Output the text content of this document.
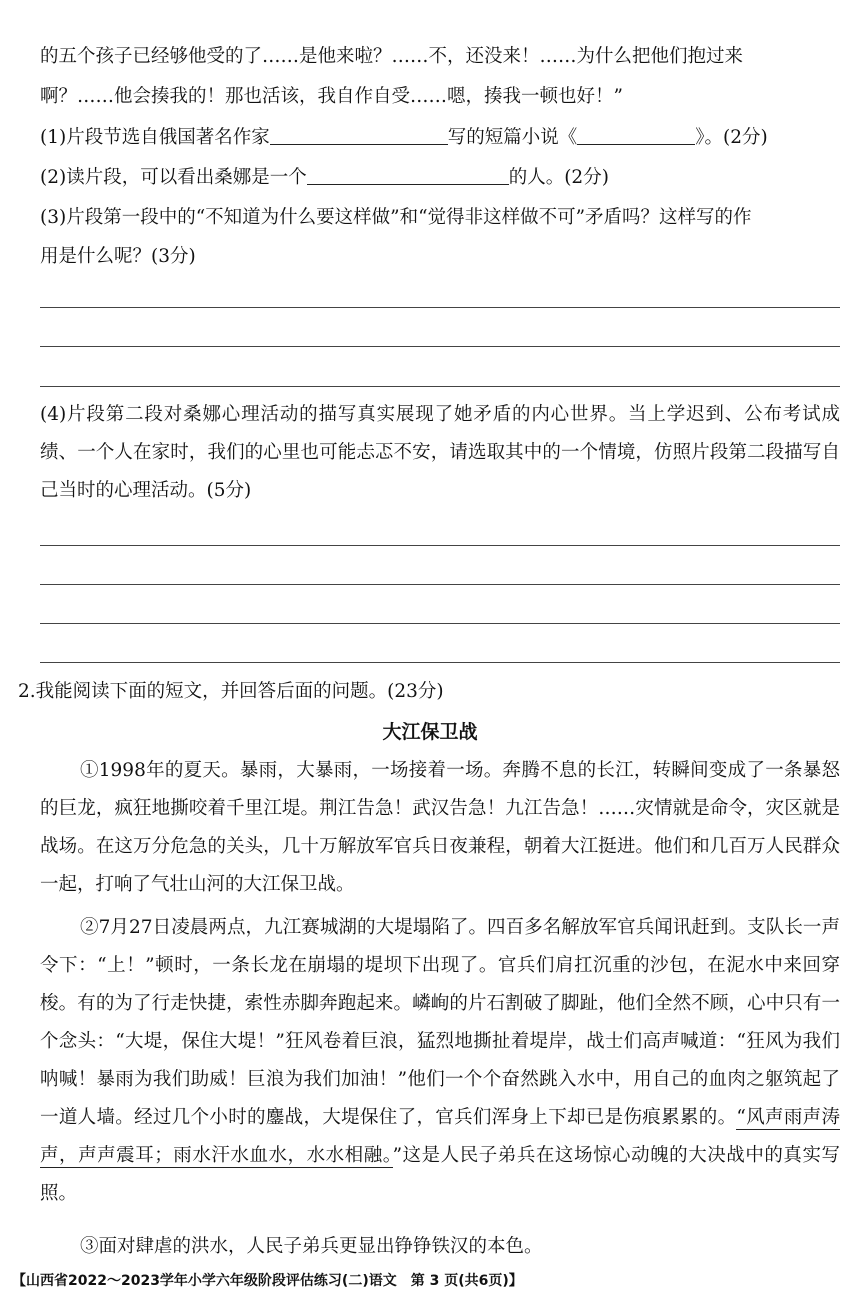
的五个孩子已经够他受的了……是他来啦？……不，还没来！……为什么把他们抱过来

啊？……他会揍我的！那也活该，我自作自受……嗯，揍我一顿也好！”

(1)片段节选自俄国著名作家	写的短篇小说《	》。(2分)

(2)读片段，可以看出桑娜是一个	的人。(2分)

(3)片段第一段中的“不知道为什么要这样做”和“觉得非这样做不可”矛盾吗？这样写的作

用是什么呢？(3分)

(4)片段第二段对桑娜心理活动的描写真实展现了她矛盾的内心世界。当上学迟到、公布考试成绩、一个人在家时，我们的心里也可能忐忑不安，请选取其中的一个情境，仿照片段第二段描写自己当时的心理活动。(5分)

2.我能阅读下面的短文，并回答后面的问题。(23分)

大江保卫战

①1998年的夏天。暴雨，大暴雨，一场接着一场。奔腾不息的长江，转瞬间变成了一条暴怒的巨龙，疯狂地撕咬着千里江堤。荆江告急！武汉告急！九江告急！……灾情就是命令，灾区就是战场。在这万分危急的关头，几十万解放军官兵日夜兼程，朝着大江挺进。他们和几百万人民群众一起，打响了气壮山河的大江保卫战。

②7月27日凌晨两点，九江赛城湖的大堤塌陷了。四百多名解放军官兵闻讯赶到。支队长一声令下：“上！”顿时，一条长龙在崩塌的堤坝下出现了。官兵们肩扛沉重的沙包，在泥水中来回穿梭。有的为了行走快捷，索性赤脚奔跑起来。嶙峋的片石割破了脚趾，他们全然不顾，心中只有一个念头：“大堤，保住大堤！”狂风卷着巨浪，猛烈地撕扯着堤岸，战士们高声喊道：“狂风为我们呐喊！暴雨为我们助威！巨浪为我们加油！”他们一个个奋然跳入水中，用自己的血肉之躯筑起了一道人墙。经过几个小时的鏖战，大堤保住了，官兵们浑身上下却已是伤痕累累的。“风声雨声涛声，声声震耳；雨水汗水血水，水水相融。”这是人民子弟兵在这场惊心动魄的大决战中的真实写照。

③面对肆虐的洪水，人民子弟兵更显出铮铮铁汉的本色。

【山西省2022～2023学年小学六年级阶段评估练习(二)语文　第 3 页(共6页)】
